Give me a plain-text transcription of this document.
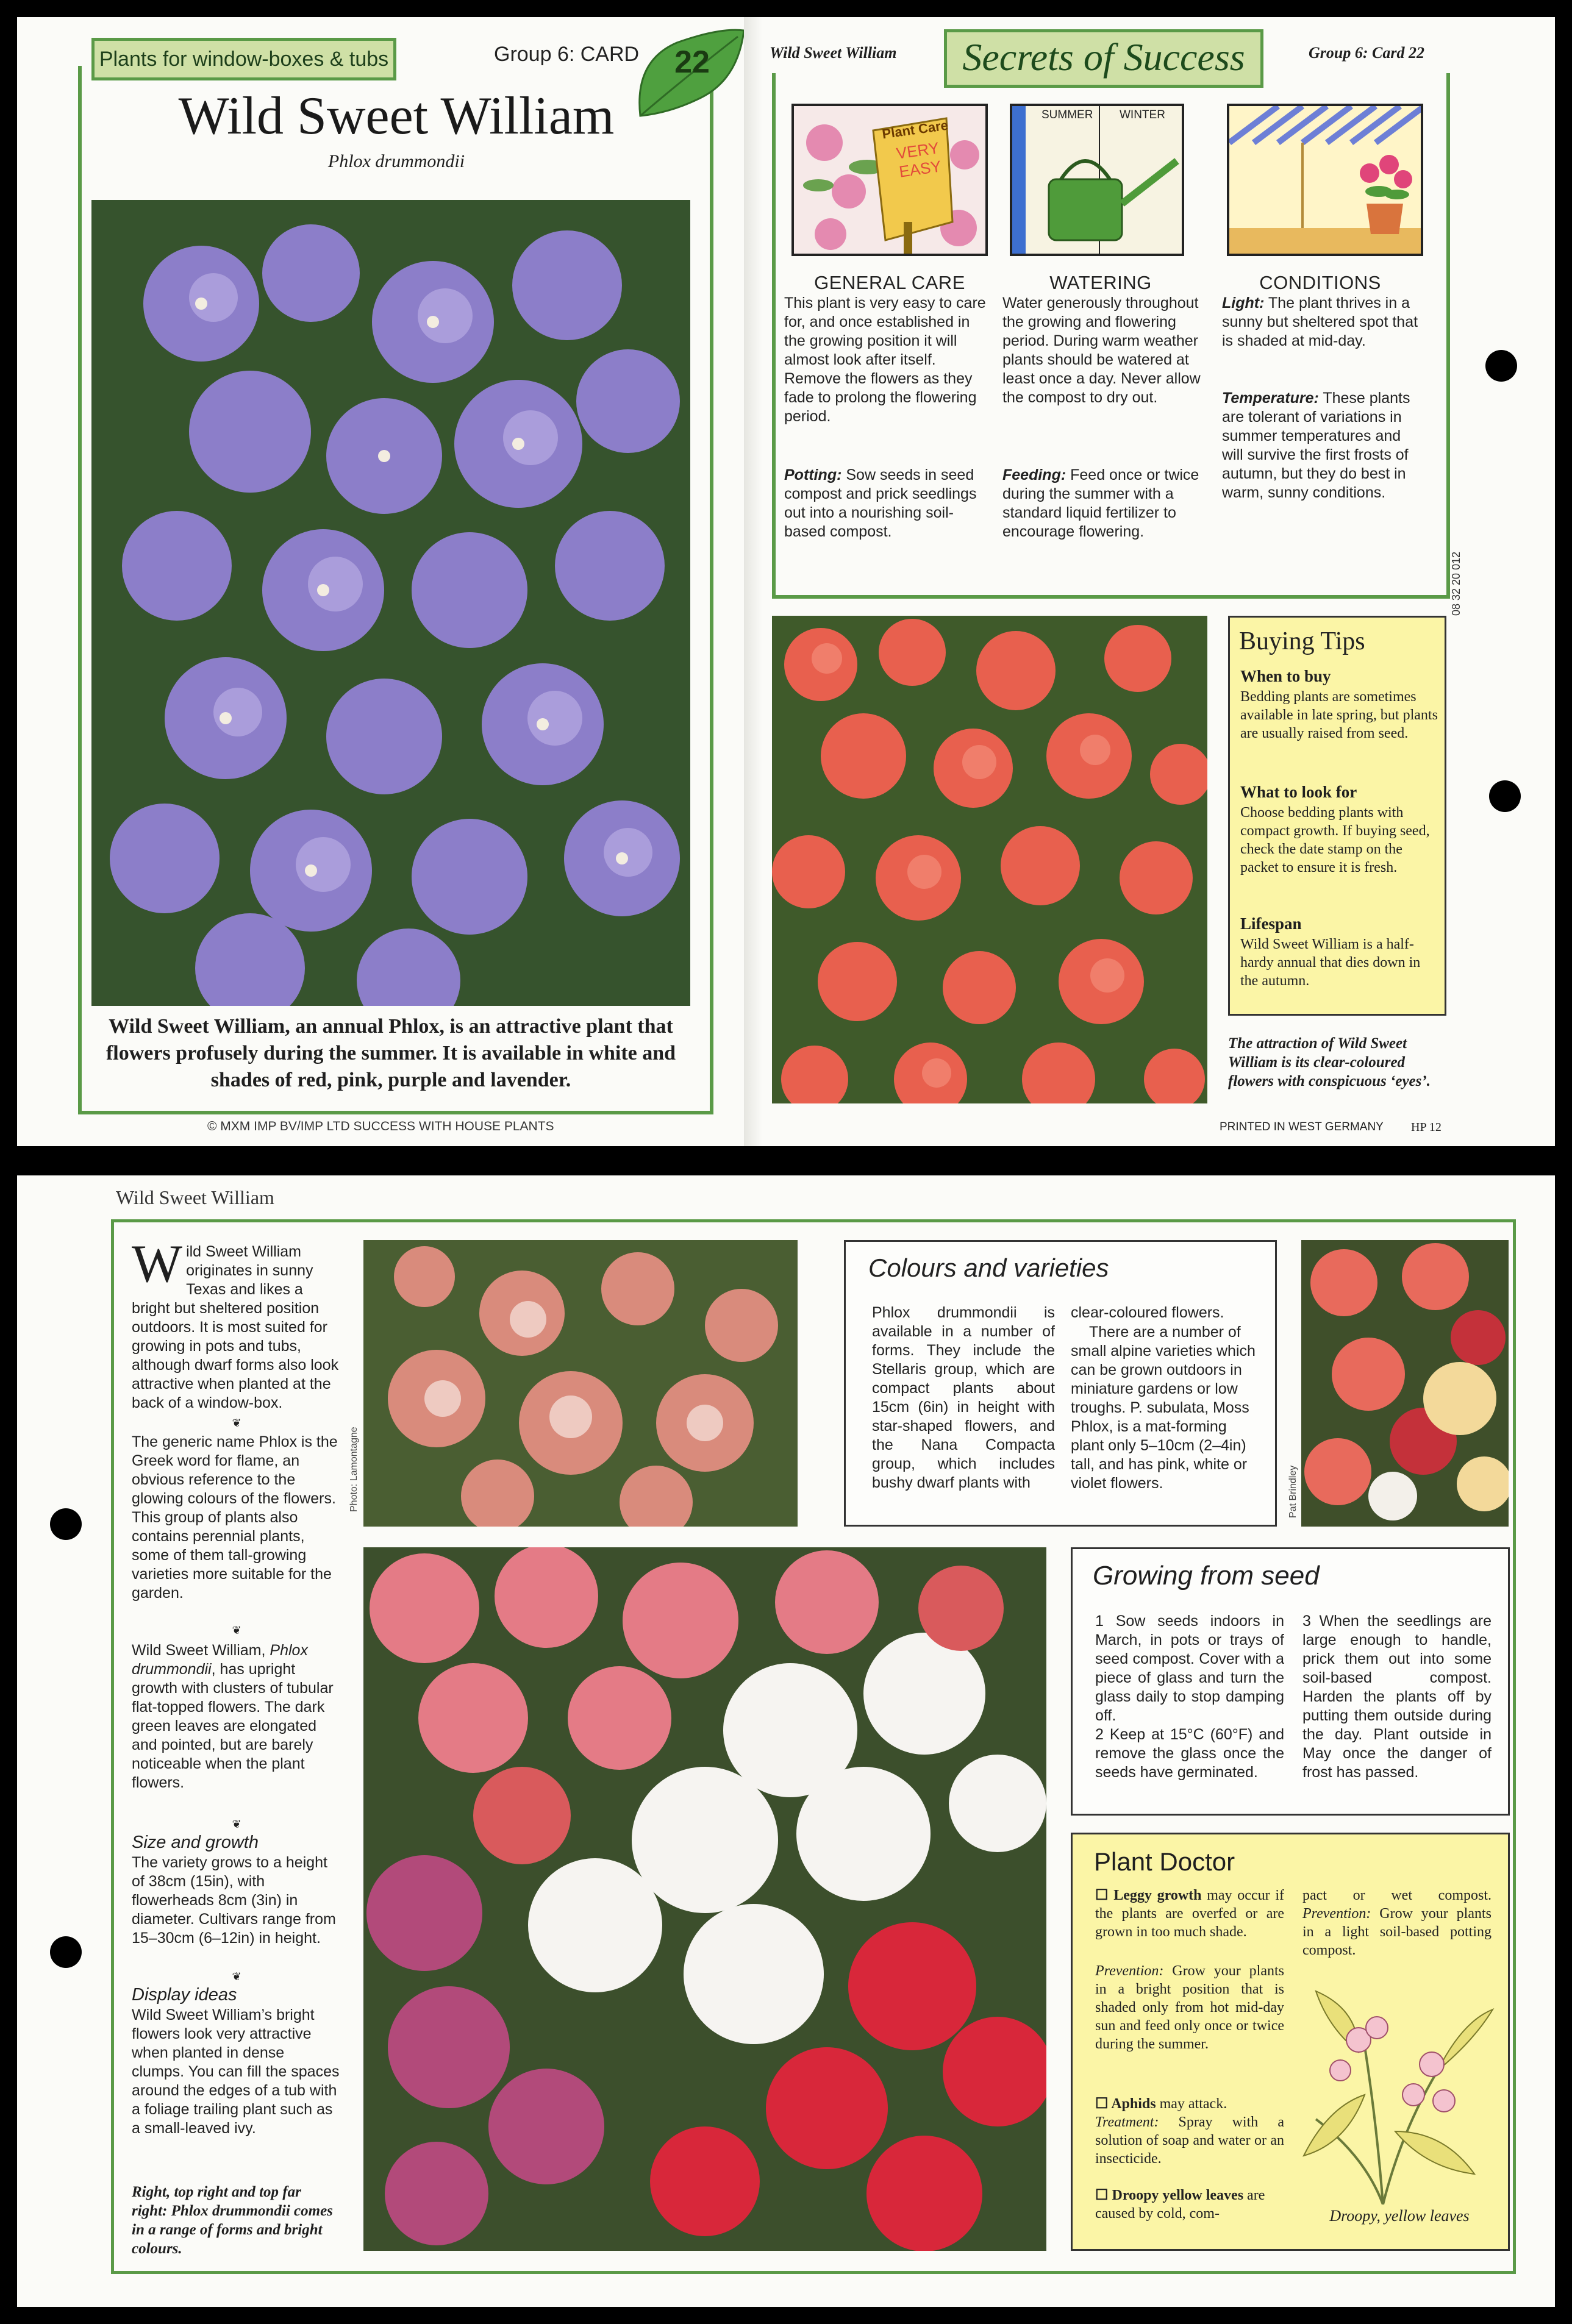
Plants for window-boxes & tubs	Group 6: CARD	22
Wild Sweet William
Phlox drummondii
Wild Sweet William, an annual Phlox, is an attractive plant that flowers profusely during the summer. It is available in white and shades of red, pink, purple and lavender.
© MXM IMP BV/IMP LTD SUCCESS WITH HOUSE PLANTS
Wild Sweet William	Secrets of Success	Group 6: Card 22
Plant Care
VERY
EASY
SUMMER	WINTER
GENERAL CARE
This plant is very easy to care for, and once established in the growing position it will almost look after itself. Remove the flowers as they fade to prolong the flowering period.
Potting: Sow seeds in seed compost and prick seedlings out into a nourishing soil-based compost.
WATERING
Water generously throughout the growing and flowering period. During warm weather plants should be watered at least once a day. Never allow the compost to dry out.
Feeding: Feed once or twice during the summer with a standard liquid fertilizer to encourage flowering.
CONDITIONS
Light: The plant thrives in a sunny but sheltered spot that is shaded at mid-day.
Temperature: These plants are tolerant of variations in summer temperatures and will survive the first frosts of autumn, but they do best in warm, sunny conditions.
08 32 20 012
Buying Tips
When to buy
Bedding plants are sometimes available in late spring, but plants are usually raised from seed.
What to look for
Choose bedding plants with compact growth. If buying seed, check the date stamp on the packet to ensure it is fresh.
Lifespan
Wild Sweet William is a half-hardy annual that dies down in the autumn.
The attraction of Wild Sweet William is its clear-coloured flowers with conspicuous ‘eyes’.
PRINTED IN WEST GERMANY	HP 12
Wild Sweet William
Wild Sweet William originates in sunny Texas and likes a bright but sheltered position outdoors. It is most suited for growing in pots and tubs, although dwarf forms also look attractive when planted at the back of a window-box.
❦
The generic name Phlox is the Greek word for flame, an obvious reference to the glowing colours of the flowers. This group of plants also contains perennial plants, some of them tall-growing varieties more suitable for the garden.
❦
Wild Sweet William, Phlox drummondii, has upright growth with clusters of tubular flat-topped flowers. The dark green leaves are elongated and pointed, but are barely noticeable when the plant flowers.
❦
Size and growth
The variety grows to a height of 38cm (15in), with flowerheads 8cm (3in) in diameter. Cultivars range from 15–30cm (6–12in) in height.
❦
Display ideas
Wild Sweet William’s bright flowers look very attractive when planted in dense clumps. You can fill the spaces around the edges of a tub with a foliage trailing plant such as a small-leaved ivy.
Right, top right and top far right: Phlox drummondii comes in a range of forms and bright colours.
Photo: Lamontagne
Colours and varieties
Phlox drummondii is available in a number of forms. They include the Stellaris group, which are compact plants about 15cm (6in) in height with star-shaped flowers, and the Nana Compacta group, which includes bushy dwarf plants with
clear-coloured flowers.
There are a number of small alpine varieties which can be grown outdoors in miniature gardens or low troughs. P. subulata, Moss Phlox, is a mat-forming plant only 5–10cm (2–4in) tall, and has pink, white or violet flowers.	Pat Brindley
Growing from seed
1 Sow seeds indoors in March, in pots or trays of seed compost. Cover with a piece of glass and turn the glass daily to stop damping off.
2 Keep at 15°C (60°F) and remove the glass once the seeds have germinated.
3 When the seedlings are large enough to handle, prick them out into some soil-based compost. Harden the plants off by putting them outside during the day. Plant outside in May once the danger of frost has passed.
Plant Doctor
☐ Leggy growth may occur if the plants are overfed or are grown in too much shade.
Prevention: Grow your plants in a bright position that is shaded only from hot mid-day sun and feed only once or twice during the summer.
☐ Aphids may attack.
Treatment: Spray with a solution of soap and water or an insecticide.
☐ Droopy yellow leaves are caused by cold, com-
pact or wet compost. Prevention: Grow your plants in a light soil-based potting compost.
Droopy, yellow leaves
